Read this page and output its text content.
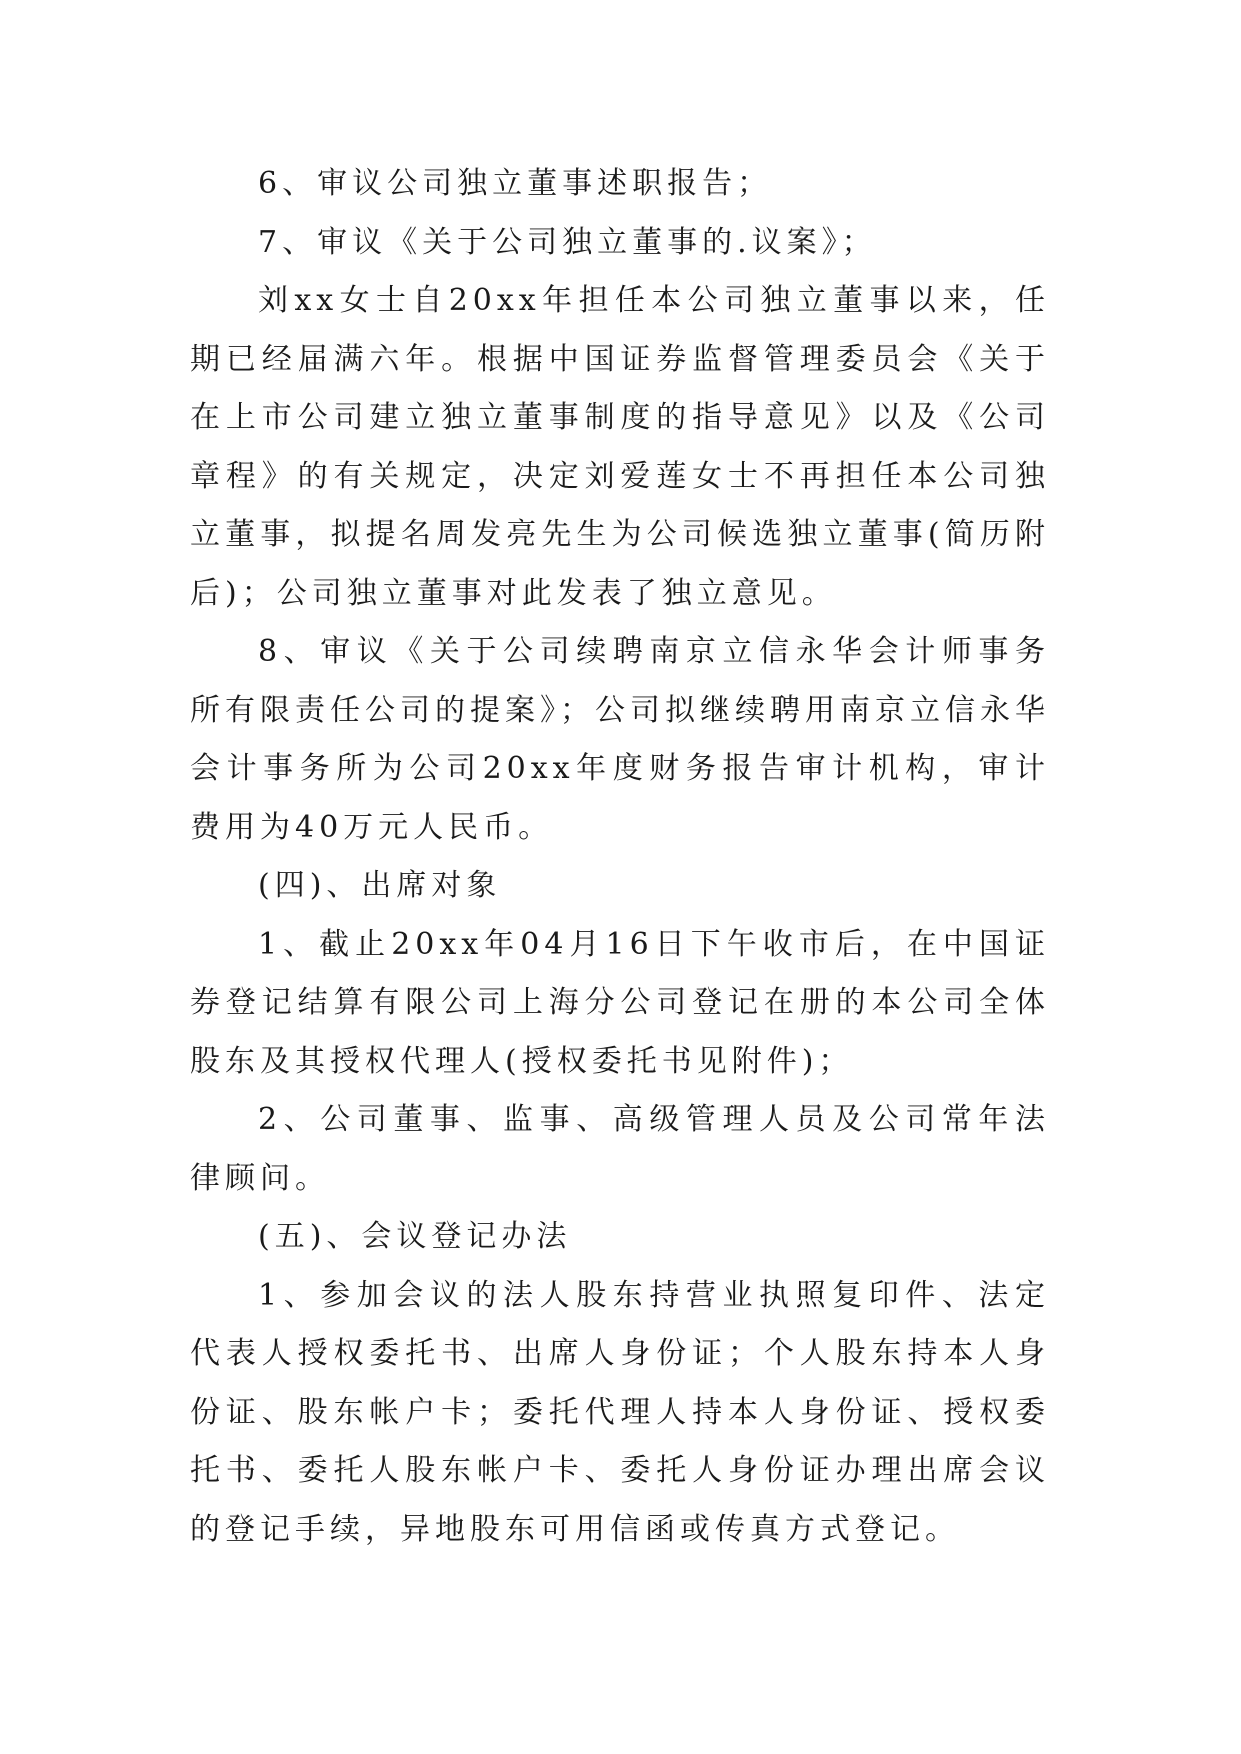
6、审议公司独立董事述职报告；

7、审议《关于公司独立董事的.议案》；

刘xx女士自20xx年担任本公司独立董事以来，任期已经届满六年。根据中国证券监督管理委员会《关于在上市公司建立独立董事制度的指导意见》以及《公司章程》的有关规定，决定刘爱莲女士不再担任本公司独立董事，拟提名周发亮先生为公司候选独立董事(简历附后)；公司独立董事对此发表了独立意见。

8、审议《关于公司续聘南京立信永华会计师事务所有限责任公司的提案》；公司拟继续聘用南京立信永华会计事务所为公司20xx年度财务报告审计机构，审计费用为40万元人民币。

(四)、出席对象

1、截止20xx年04月16日下午收市后，在中国证券登记结算有限公司上海分公司登记在册的本公司全体股东及其授权代理人(授权委托书见附件)；

2、公司董事、监事、高级管理人员及公司常年法律顾问。

(五)、会议登记办法

1、参加会议的法人股东持营业执照复印件、法定代表人授权委托书、出席人身份证；个人股东持本人身份证、股东帐户卡；委托代理人持本人身份证、授权委托书、委托人股东帐户卡、委托人身份证办理出席会议的登记手续，异地股东可用信函或传真方式登记。
